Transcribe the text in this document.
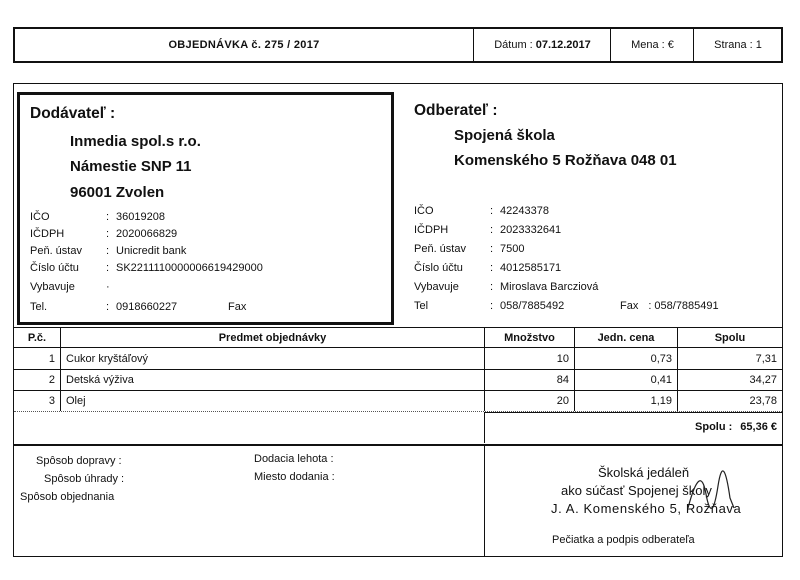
OBJEDNÁVKA č. 275 / 2017	Dátum : 07.12.2017	Mena : €	Strana : 1
Dodávateľ :
Inmedia spol.s r.o.
Námestie SNP 11
96001 Zvolen
IČO	: 36019208
IČDPH	: 2020066829
Peň. ústav	: Unicredit bank
Číslo účtu	: SK2211110000006619429000
Vybavuje	·
Tel.	: 0918660227	Fax
Odberateľ :
Spojená škola
Komenského 5 Rožňava 048 01
IČO	: 42243378
IČDPH	: 2023332641
Peň. ústav	: 7500
Číslo účtu	: 4012585171
Vybavuje	: Miroslava Barcziová
Tel	: 058/7885492	Fax : 058/7885491
P.č.	Predmet objednávky	Množstvo	Jedn. cena	Spolu
1	Cukor kryštáľový	10	0,73	7,31
2	Detská výživa	84	0,41	34,27
3	Olej	20	1,19	23,78
Spolu : 65,36 €
Spôsob dopravy :
Spôsob úhrady :
Spôsob objednania
Dodacia lehota :
Miesto dodania :	Školská jedáleň
ako súčasť Spojenej školy
J. A. Komenského 5, Rožňava
Pečiatka a podpis odberateľa
